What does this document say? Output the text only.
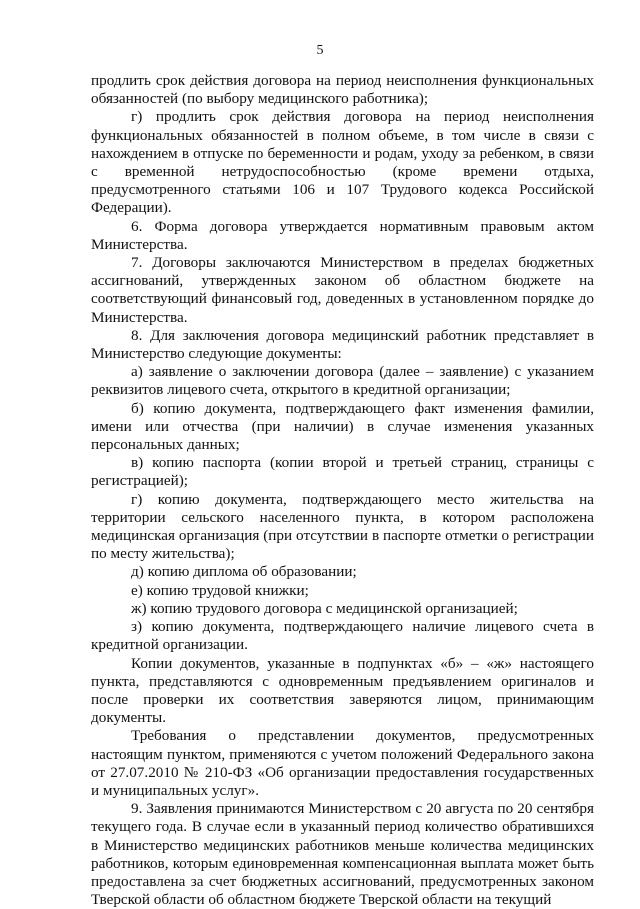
5

продлить срок действия договора на период неисполнения функциональных обязанностей (по выбору медицинского работника);

г) продлить срок действия договора на период неисполнения функциональных обязанностей в полном объеме, в том числе в связи с нахождением в отпуске по беременности и родам, уходу за ребенком, в связи с временной нетрудоспособностью (кроме времени отдыха, предусмотренного статьями 106 и 107 Трудового кодекса Российской Федерации).

6. Форма договора утверждается нормативным правовым актом Министерства.

7. Договоры заключаются Министерством в пределах бюджетных ассигнований, утвержденных законом об областном бюджете на соответствующий финансовый год, доведенных в установленном порядке до Министерства.

8. Для заключения договора медицинский работник представляет в Министерство следующие документы:

а) заявление о заключении договора (далее – заявление) с указанием реквизитов лицевого счета, открытого в кредитной организации;

б) копию документа, подтверждающего факт изменения фамилии, имени или отчества (при наличии) в случае изменения указанных персональных данных;

в) копию паспорта (копии второй и третьей страниц, страницы с регистрацией);

г) копию документа, подтверждающего место жительства на территории сельского населенного пункта, в котором расположена медицинская организация (при отсутствии в паспорте отметки о регистрации по месту жительства);

д) копию диплома об образовании;

е) копию трудовой книжки;

ж) копию трудового договора с медицинской организацией;

з) копию документа, подтверждающего наличие лицевого счета в кредитной организации.

Копии документов, указанные в подпунктах «б» – «ж» настоящего пункта, представляются с одновременным предъявлением оригиналов и после проверки их соответствия заверяются лицом, принимающим документы.

Требования о представлении документов, предусмотренных настоящим пунктом, применяются с учетом положений Федерального закона от 27.07.2010 № 210-ФЗ «Об организации предоставления государственных и муниципальных услуг».

9. Заявления принимаются Министерством с 20 августа по 20 сентября текущего года. В случае если в указанный период количество обратившихся в Министерство медицинских работников меньше количества медицинских работников, которым единовременная компенсационная выплата может быть предоставлена за счет бюджетных ассигнований, предусмотренных законом Тверской области об областном бюджете Тверской области на текущий
